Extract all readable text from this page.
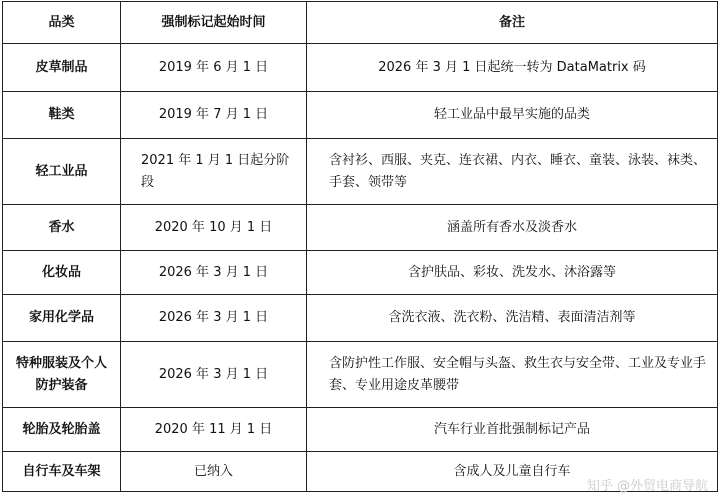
品类	强制标记起始时间	备注
皮草制品	2019 年 6 月 1 日	2026 年 3 月 1 日起统一转为 DataMatrix 码
鞋类	2019 年 7 月 1 日	轻工业品中最早实施的品类
轻工业品	2021 年 1 月 1 日起分阶段	含衬衫、西服、夹克、连衣裙、内衣、睡衣、童装、泳装、袜类、手套、领带等
香水	2020 年 10 月 1 日	涵盖所有香水及淡香水
化妆品	2026 年 3 月 1 日	含护肤品、彩妆、洗发水、沐浴露等
家用化学品	2026 年 3 月 1 日	含洗衣液、洗衣粉、洗洁精、表面清洁剂等
特种服装及个人防护装备	2026 年 3 月 1 日	含防护性工作服、安全帽与头盔、救生衣与安全带、工业及专业手套、专业用途皮革腰带
轮胎及轮胎盖	2020 年 11 月 1 日	汽车行业首批强制标记产品
自行车及车架	已纳入	含成人及儿童自行车
知乎 @外贸电商导航
